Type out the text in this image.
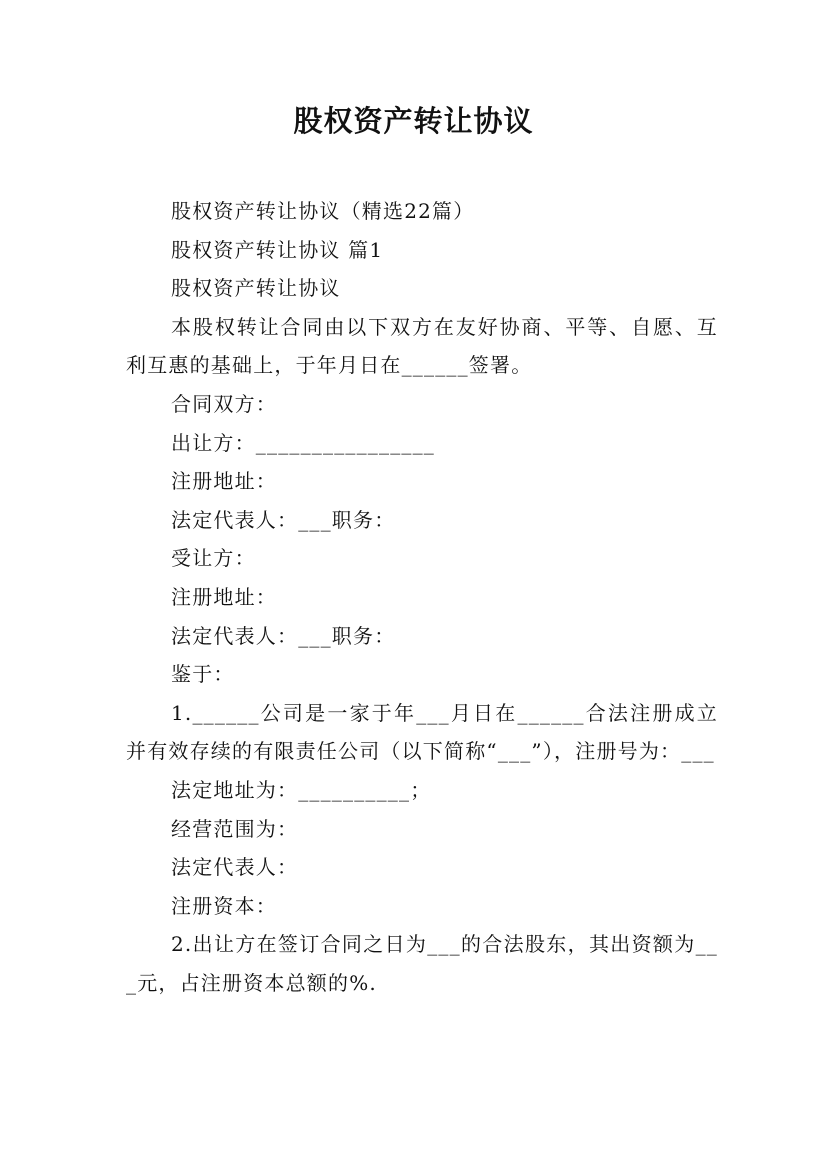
股权资产转让协议

股权资产转让协议（精选22篇）

股权资产转让协议 篇1

股权资产转让协议

本股权转让合同由以下双方在友好协商、平等、自愿、互利互惠的基础上，于年月日在______签署。

合同双方：

出让方：________________

注册地址：

法定代表人：___职务：

受让方：

注册地址：

法定代表人：___职务：

鉴于：

1.______公司是一家于年___月日在______合法注册成立并有效存续的有限责任公司（以下简称“___”），注册号为：___

法定地址为：__________；

经营范围为：

法定代表人：

注册资本：

2.出让方在签订合同之日为___的合法股东，其出资额为___元，占注册资本总额的%.
